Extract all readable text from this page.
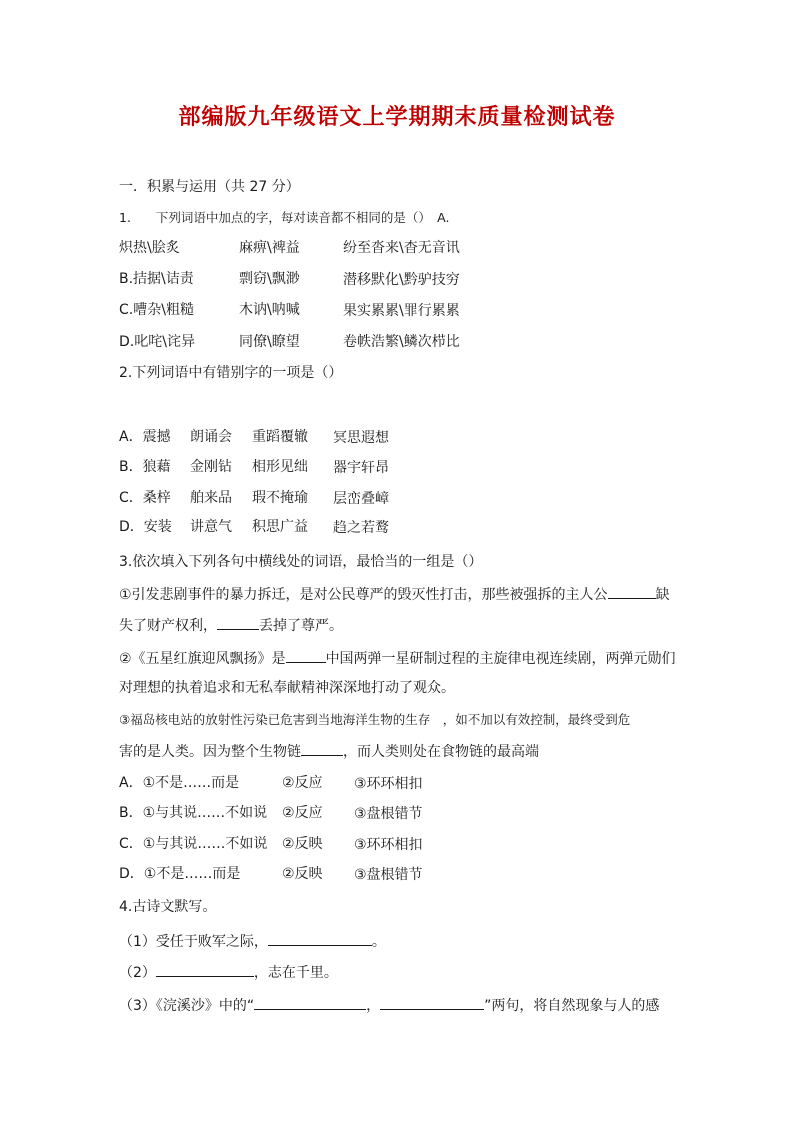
部编版九年级语文上学期期末质量检测试卷
一．积累与运用（共 27 分）
1.　　下列词语中加点的字，每对读音都不相同的是（）　A.
炽热\脍炙	麻痹\裨益	纷至沓来\杳无音讯
B.拮据\诘责	剽窃\飘渺	潜移默化\黔驴技穷
C.嘈杂\粗糙	木讷\呐喊	果实累累\罪行累累
D.叱咤\诧异	同僚\瞭望	卷帙浩繁\鳞次栉比
2.下列词语中有错别字的一项是（）
A．震撼 朗诵会 重蹈覆辙 冥思遐想
B．狼藉 金刚钻 相形见绌 器宇轩昂
C．桑梓 舶来品 瑕不掩瑜 层峦叠嶂
D．安装 讲意气 积思广益 趋之若鹜
3.依次填入下列各句中横线处的词语，最恰当的一组是（）
①引发悲剧事件的暴力拆迁，是对公民尊严的毁灭性打击，那些被强拆的主人公	缺
失了财产权利，	丢掉了尊严。
②《五星红旗迎风飘扬》是	中国两弹一星研制过程的主旋律电视连续剧，两弹元勋们
对理想的执着追求和无私奉献精神深深地打动了观众。
③福岛核电站的放射性污染已危害到当地海洋生物的生存　，如不加以有效控制，最终受到危
害的是人类。因为整个生物链	，而人类则处在食物链的最高端
A．①不是……而是	②反应 ③环环相扣
B．①与其说……不如说 ②反应 ③盘根错节
C．①与其说……不如说 ②反映 ③环环相扣
D．①不是……而是	②反映 ③盘根错节
4.古诗文默写。
（1）受任于败军之际，	。
（2）	，志在千里。
（3）《浣溪沙》中的“	，	”两句，将自然现象与人的感
